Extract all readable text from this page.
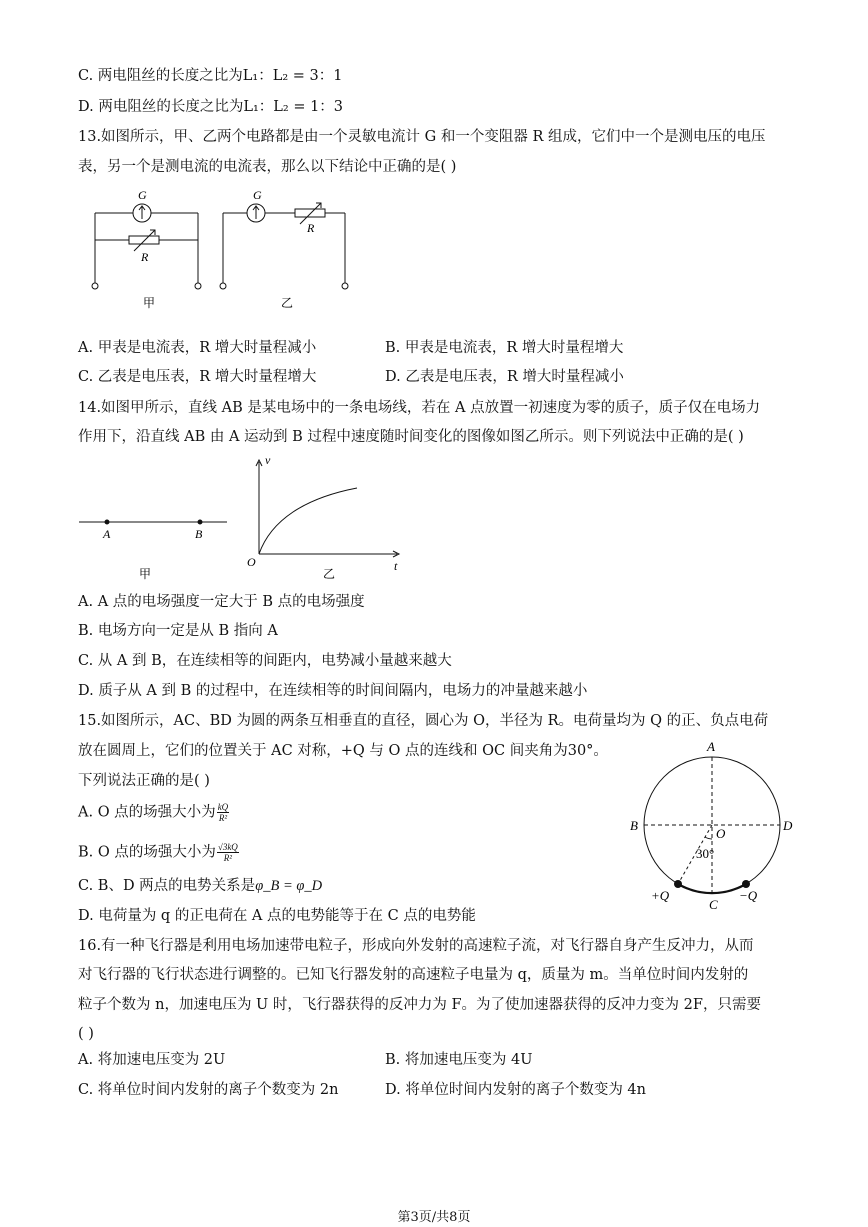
C. 两电阻丝的长度之比为L₁：L₂ = 3：1
D. 两电阻丝的长度之比为L₁：L₂ = 1：3
13.如图所示，甲、乙两个电路都是由一个灵敏电流计 G 和一个变阻器 R 组成，它们中一个是测电压的电压
表，另一个是测电流的电流表，那么以下结论中正确的是( )
G
R
甲
G
R
乙
A. 甲表是电流表，R 增大时量程减小	B. 甲表是电流表，R 增大时量程增大
C. 乙表是电压表，R 增大时量程增大	D. 乙表是电压表，R 增大时量程减小
14.如图甲所示，直线 AB 是某电场中的一条电场线，若在 A 点放置一初速度为零的质子，质子仅在电场力
作用下，沿直线 AB 由 A 运动到 B 过程中速度随时间变化的图像如图乙所示。则下列说法中正确的是( )
A	B
甲
O
v
t
乙
A. A 点的电场强度一定大于 B 点的电场强度
B. 电场方向一定是从 B 指向 A
C. 从 A 到 B，在连续相等的间距内，电势减小量越来越大
D. 质子从 A 到 B 的过程中，在连续相等的时间间隔内，电场力的冲量越来越小
15.如图所示，AC、BD 为圆的两条互相垂直的直径，圆心为 O，半径为 R。电荷量均为 Q 的正、负点电荷
放在圆周上，它们的位置关于 AC 对称，+Q 与 O 点的连线和 OC 间夹角为30°。
下列说法正确的是( )
A. O 点的场强大小为 $\frac{kQ}{\text{R²}}$
B. O 点的场强大小为 $\frac{√3kQ}{\text{R²}}$
C. B、D 两点的电势关系是φ_B = φ_D
D. 电荷量为 q 的正电荷在 A 点的电势能等于在 C 点的电势能
A
B	D
O
30°
+Q	−Q
C
16.有一种飞行器是利用电场加速带电粒子，形成向外发射的高速粒子流，对飞行器自身产生反冲力，从而
对飞行器的飞行状态进行调整的。已知飞行器发射的高速粒子电量为 q，质量为 m。当单位时间内发射的
粒子个数为 n，加速电压为 U 时，飞行器获得的反冲力为 F。为了使加速器获得的反冲力变为 2F，只需要
( )
A. 将加速电压变为 2U	B. 将加速电压变为 4U
C. 将单位时间内发射的离子个数变为 2n	D. 将单位时间内发射的离子个数变为 4n
第3页/共8页
